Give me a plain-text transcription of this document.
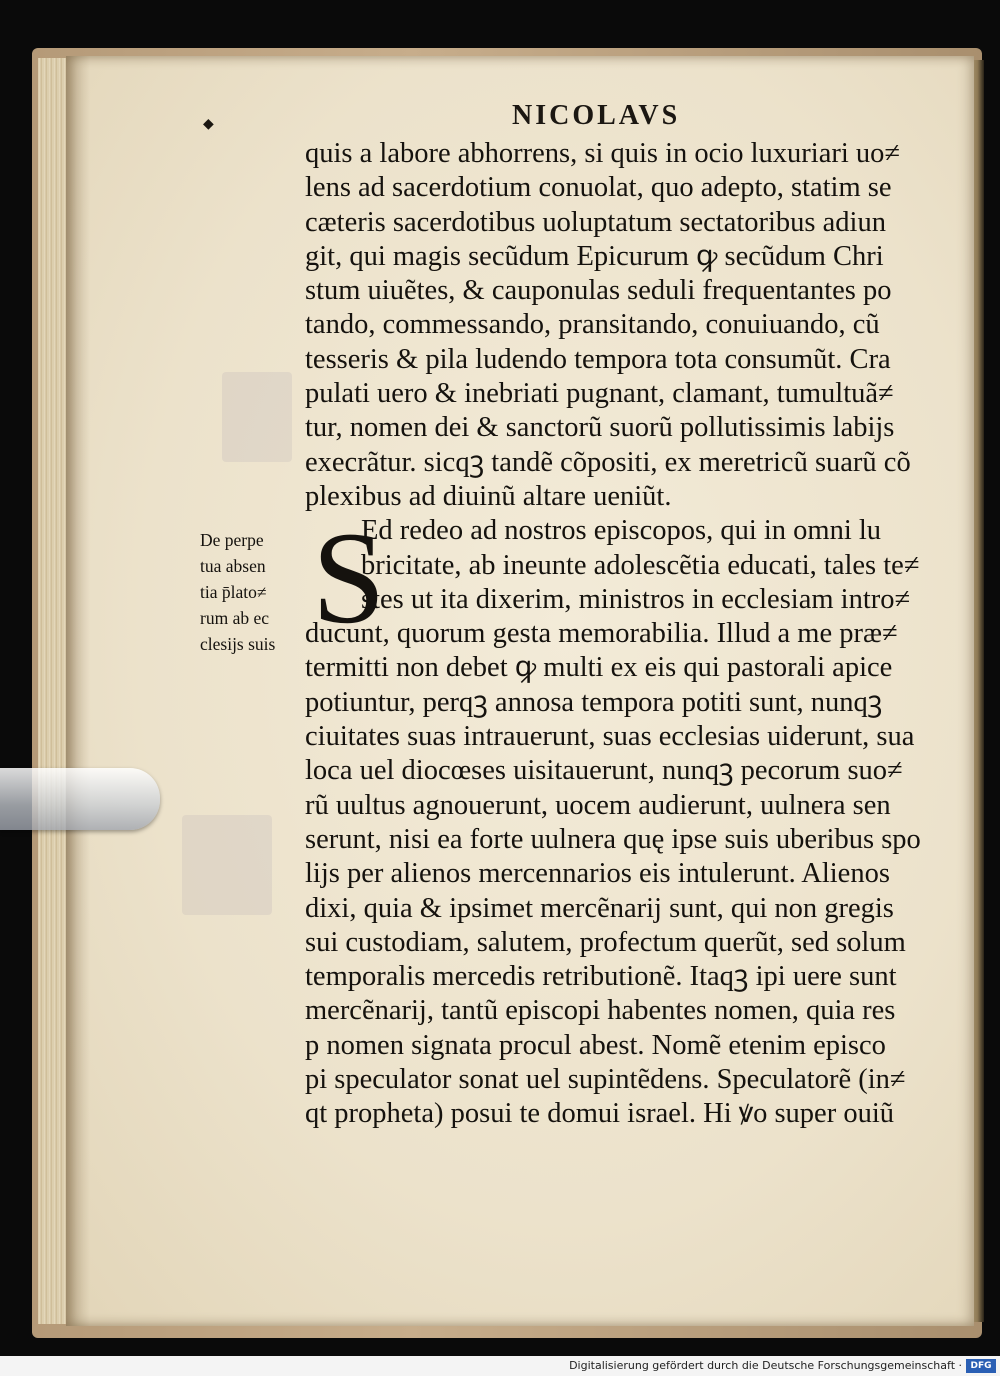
◆	NICOLAVS
quis a labore abhorrens, si quis in ocio luxuriari uo≠
lens ad sacerdotium conuolat, quo adepto, statim se
cæteris sacerdotibus uoluptatum sectatoribus adiun
git, qui magis secũdum Epicurum ꝙ secũdum Chri
stum uiuẽtes, & cauponulas seduli frequentantes po
tando, commessando, pransitando, conuiuando, cũ
tesseris & pila ludendo tempora tota consumũt. Cra
pulati uero & inebriati pugnant, clamant, tumultuã≠
tur, nomen dei & sanctorũ suorũ pollutissimis labijs
execrãtur. sicqꝫ tandẽ cõpositi, ex meretricũ suarũ cõ
plexibus ad diuinũ altare ueniũt.
Ed redeo ad nostros episcopos, qui in omni lu
bricitate, ab ineunte adolescẽtia educati, tales te≠
stes ut ita dixerim, ministros in ecclesiam intro≠
ducunt, quorum gesta memorabilia. Illud a me præ≠
termitti non debet ꝙ multi ex eis qui pastorali apice
potiuntur, perqꝫ annosa tempora potiti sunt, nunqꝫ
ciuitates suas intrauerunt, suas ecclesias uiderunt, sua
loca uel diocœses uisitauerunt, nunqꝫ pecorum suo≠
rũ uultus agnouerunt, uocem audierunt, uulnera sen
serunt, nisi ea forte uulnera quę ipse suis uberibus spo
lijs per alienos mercennarios eis intulerunt. Alienos
dixi, quia & ipsimet mercẽnarij sunt, qui non gregis
sui custodiam, salutem, profectum querũt, sed solum
temporalis mercedis retributionẽ. Itaqꝫ ipi uere sunt
mercẽnarij, tantũ episcopi habentes nomen, quia res
p nomen signata procul abest. Nomẽ etenim episco
pi speculator sonat uel supintẽdens. Speculatorẽ (in≠
qt propheta) posui te domui israel. Hi ꝟo super ouiũ
S
De perpe
tua absen
tia p̄lato≠
rum ab ec
clesijs suis
Digitalisierung gefördert durch die Deutsche Forschungsgemeinschaft · DFG
